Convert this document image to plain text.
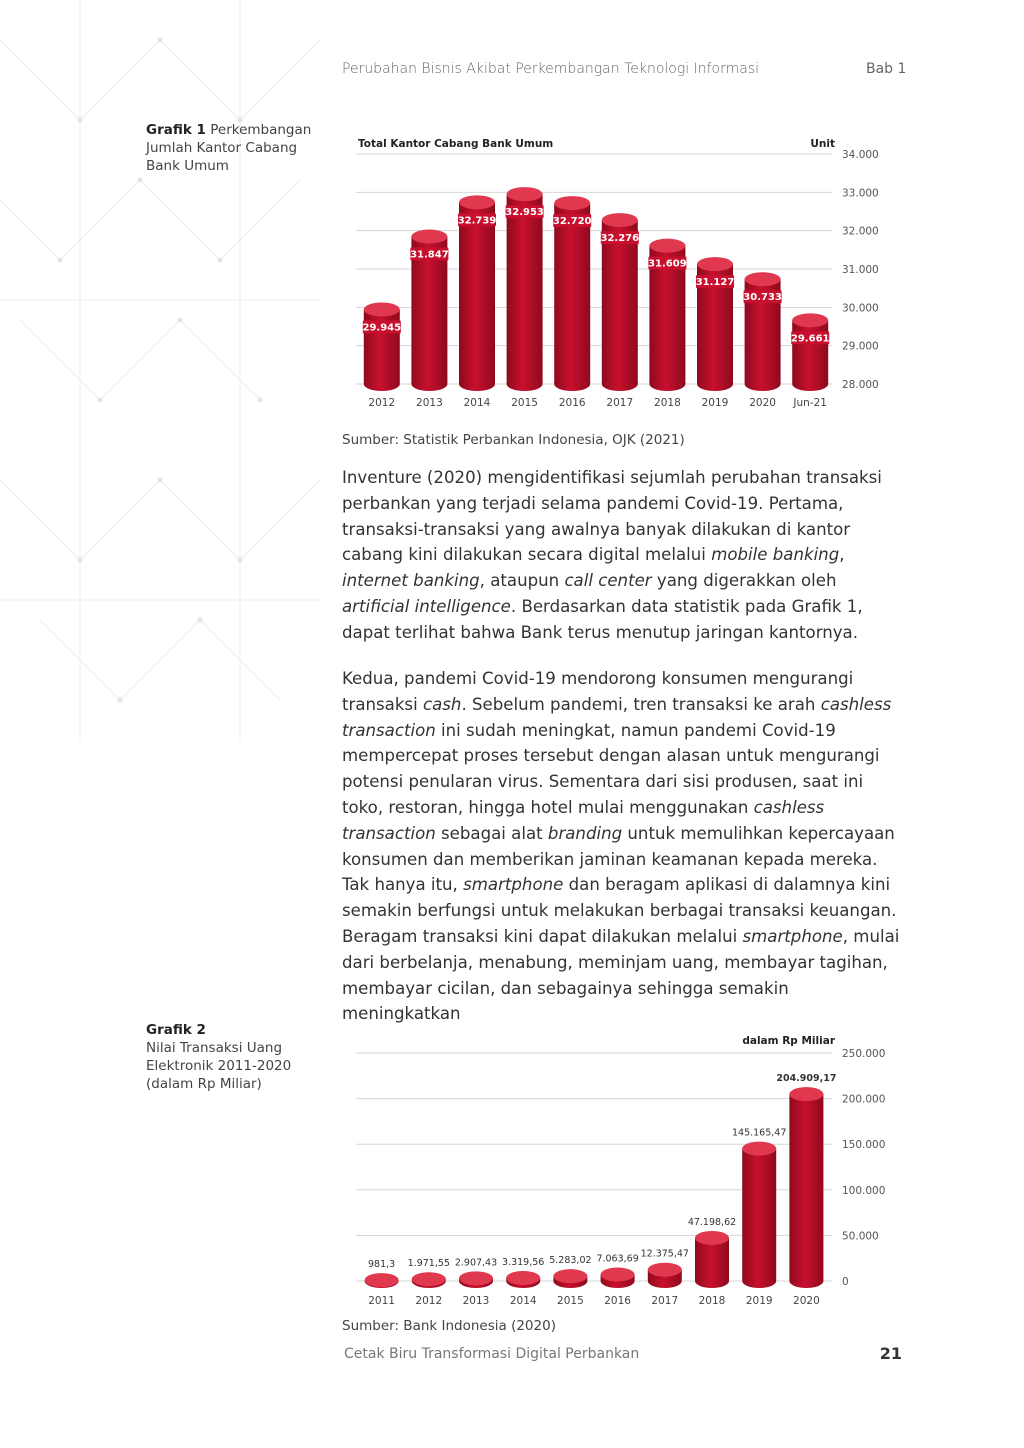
Perubahan Bisnis Akibat Perkembangan Teknologi Informasi	Bab 1
Grafik 1 Perkembangan Jumlah Kantor Cabang Bank Umum
28.000
29.000
30.000
31.000
32.000
33.000
34.000
Total Kantor Cabang Bank Umum	Unit
29.945
2012
31.847
2013
32.739
2014
32.953
2015
32.720
2016
32.276
2017
31.609
2018
31.127
2019
30.733
2020
29.661
Jun-21
Sumber: Statistik Perbankan Indonesia, OJK (2021)

Inventure (2020) mengidentifikasi sejumlah perubahan transaksi perbankan yang terjadi selama pandemi Covid-19. Pertama, transaksi-transaksi yang awalnya banyak dilakukan di kantor cabang kini dilakukan secara digital melalui mobile banking, internet banking, ataupun call center yang digerakkan oleh artificial intelligence. Berdasarkan data statistik pada Grafik 1, dapat terlihat bahwa Bank terus menutup jaringan kantornya.

Kedua, pandemi Covid-19 mendorong konsumen mengurangi transaksi cash. Sebelum pandemi, tren transaksi ke arah cashless transaction ini sudah meningkat, namun pandemi Covid-19 mempercepat proses tersebut dengan alasan untuk mengurangi potensi penularan virus. Sementara dari sisi produsen, saat ini toko, restoran, hingga hotel mulai menggunakan cashless transaction sebagai alat branding untuk memulihkan kepercayaan konsumen dan memberikan jaminan keamanan kepada mereka. Tak hanya itu, smartphone dan beragam aplikasi di dalamnya kini semakin berfungsi untuk melakukan berbagai transaksi keuangan. Beragam transaksi kini dapat dilakukan melalui smartphone, mulai dari berbelanja, menabung, meminjam uang, membayar tagihan, membayar cicilan, dan sebagainya sehingga semakin meningkatkan

Grafik 2
Nilai Transaksi Uang Elektronik 2011-2020 (dalam Rp Miliar)
0
50.000
100.000
150.000
200.000
250.000
dalam Rp Miliar
981,3
2011
1.971,55
2012
2.907,43
2013
3.319,56
2014
5.283,02
2015
7.063,69
2016
12.375,47
2017
47.198,62
2018
145.165,47
2019
204.909,17
2020
Sumber: Bank Indonesia (2020)
Cetak Biru Transformasi Digital Perbankan	21
